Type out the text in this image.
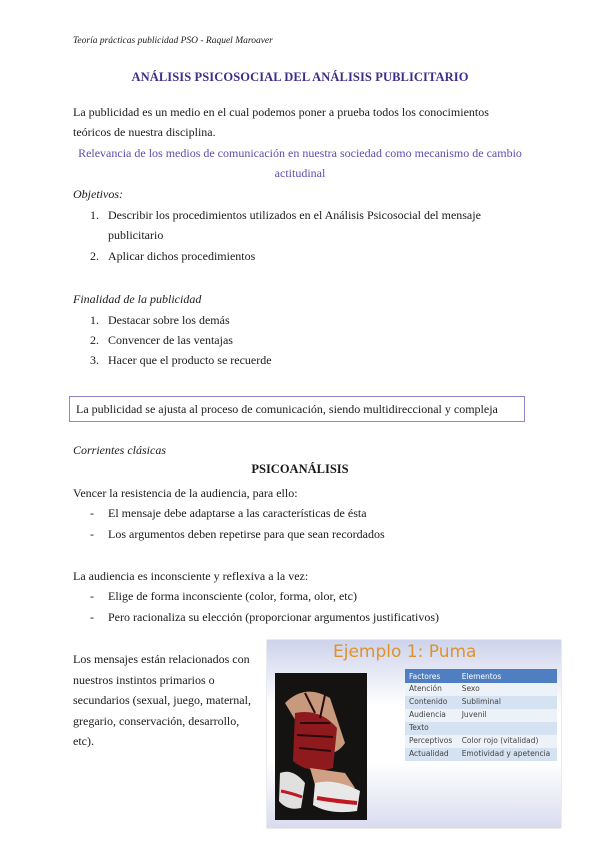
Teoría prácticas publicidad PSO - Raquel Maroaver
ANÁLISIS PSICOSOCIAL DEL ANÁLISIS PUBLICITARIO
La publicidad es un medio en el cual podemos poner a prueba todos los conocimientos teóricos de nuestra disciplina.
Relevancia de los medios de comunicación en nuestra sociedad como mecanismo de cambio actitudinal
Objetivos:
1. Describir los procedimientos utilizados en el Análisis Psicosocial del mensaje publicitario
2. Aplicar dichos procedimientos
Finalidad de la publicidad
1. Destacar sobre los demás
2. Convencer de las ventajas
3. Hacer que el producto se recuerde
La publicidad se ajusta al proceso de comunicación, siendo multidireccional y compleja
Corrientes clásicas
PSICOANÁLISIS
Vencer la resistencia de la audiencia, para ello:
- El mensaje debe adaptarse a las características de ésta
- Los argumentos deben repetirse para que sean recordados
La audiencia es inconsciente y reflexiva a la vez:
- Elige de forma inconsciente (color, forma, olor, etc)
- Pero racionaliza su elección (proporcionar argumentos justificativos)
Los mensajes están relacionados con nuestros instintos primarios o secundarios (sexual, juego, maternal, gregario, conservación, desarrollo, etc).
Ejemplo 1: Puma
Factores	Elementos
Atención	Sexo
Contenido	Subliminal
Audiencia	Juvenil
Texto	
Perceptivos	Color rojo (vitalidad)
Actualidad	Emotividad y apetencia
